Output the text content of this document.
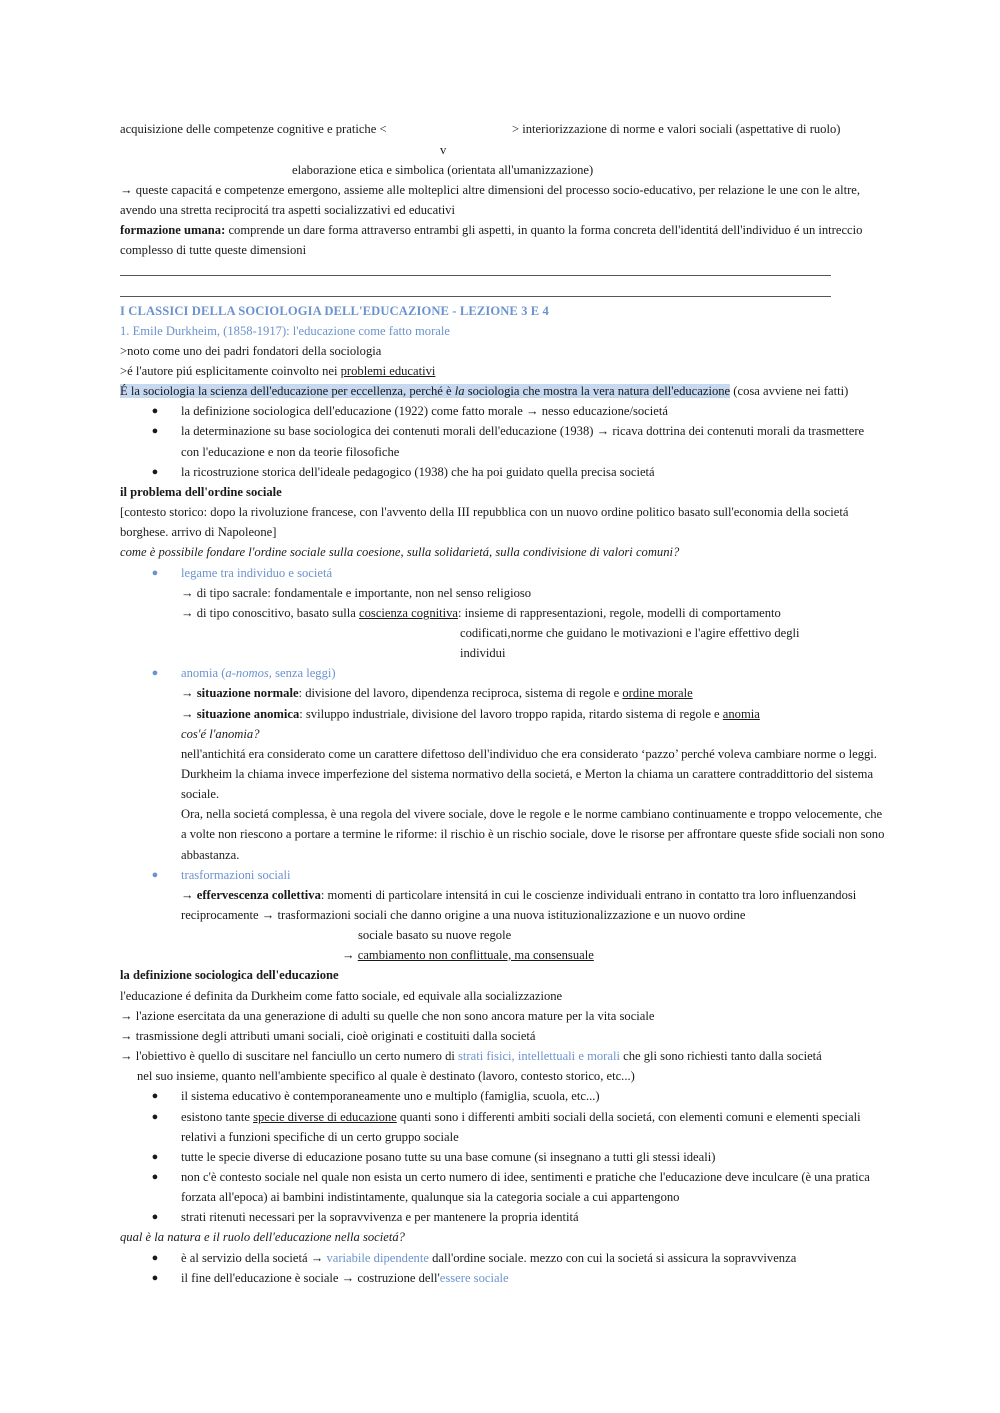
acquisizione delle competenze cognitive e pratiche <	> interiorizzazione di norme e valori sociali (aspettative di ruolo)
v
elaborazione etica e simbolica (orientata all'umanizzazione)
→ queste capacitá e competenze emergono, assieme alle molteplici altre dimensioni del processo socio-educativo, per relazione le une con le altre,
avendo una stretta reciprocitá tra aspetti socializzativi ed educativi
formazione umana: comprende un dare forma attraverso entrambi gli aspetti, in quanto la forma concreta dell'identitá dell'individuo é un intreccio
complesso di tutte queste dimensioni
I CLASSICI DELLA SOCIOLOGIA DELL'EDUCAZIONE - LEZIONE 3 E 4
1. Emile Durkheim, (1858-1917): l'educazione come fatto morale
>noto come uno dei padri fondatori della sociologia
>é l'autore piú esplicitamente coinvolto nei problemi educativi
É la sociologia la scienza dell'educazione per eccellenza, perché è la sociologia che mostra la vera natura dell'educazione (cosa avviene nei fatti)
● la definizione sociologica dell'educazione (1922) come fatto morale → nesso educazione/societá
● la determinazione su base sociologica dei contenuti morali dell'educazione (1938) → ricava dottrina dei contenuti morali da trasmettere
con l'educazione e non da teorie filosofiche
● la ricostruzione storica dell'ideale pedagogico (1938) che ha poi guidato quella precisa societá
il problema dell'ordine sociale
[contesto storico: dopo la rivoluzione francese, con l'avvento della III repubblica con un nuovo ordine politico basato sull'economia della societá
borghese. arrivo di Napoleone]
come è possibile fondare l'ordine sociale sulla coesione, sulla solidarietá, sulla condivisione di valori comuni?
● legame tra individuo e societá
→ di tipo sacrale: fondamentale e importante, non nel senso religioso
→ di tipo conoscitivo, basato sulla coscienza cognitiva: insieme di rappresentazioni, regole, modelli di comportamento
codificati,norme che guidano le motivazioni e l'agire effettivo degli
individui
● anomia (a-nomos, senza leggi)
→ situazione normale: divisione del lavoro, dipendenza reciproca, sistema di regole e ordine morale
→ situazione anomica: sviluppo industriale, divisione del lavoro troppo rapida, ritardo sistema di regole e anomia
cos'é l'anomia?
nell'antichitá era considerato come un carattere difettoso dell'individuo che era considerato ‘pazzo’ perché voleva cambiare norme o leggi.
Durkheim la chiama invece imperfezione del sistema normativo della societá, e Merton la chiama un carattere contraddittorio del sistema
sociale.
Ora, nella societá complessa, è una regola del vivere sociale, dove le regole e le norme cambiano continuamente e troppo velocemente, che
a volte non riescono a portare a termine le riforme: il rischio è un rischio sociale, dove le risorse per affrontare queste sfide sociali non sono
abbastanza.
● trasformazioni sociali
→ effervescenza collettiva: momenti di particolare intensitá in cui le coscienze individuali entrano in contatto tra loro influenzandosi
reciprocamente → trasformazioni sociali che danno origine a una nuova istituzionalizzazione e un nuovo ordine
sociale basato su nuove regole
→ cambiamento non conflittuale, ma consensuale
la definizione sociologica dell'educazione
l'educazione é definita da Durkheim come fatto sociale, ed equivale alla socializzazione
→ l'azione esercitata da una generazione di adulti su quelle che non sono ancora mature per la vita sociale
→ trasmissione degli attributi umani sociali, cioè originati e costituiti dalla societá
→ l'obiettivo è quello di suscitare nel fanciullo un certo numero di strati fisici, intellettuali e morali che gli sono richiesti tanto dalla societá
nel suo insieme, quanto nell'ambiente specifico al quale è destinato (lavoro, contesto storico, etc...)
● il sistema educativo è contemporaneamente uno e multiplo (famiglia, scuola, etc...)
● esistono tante specie diverse di educazione quanti sono i differenti ambiti sociali della societá, con elementi comuni e elementi speciali
relativi a funzioni specifiche di un certo gruppo sociale
● tutte le specie diverse di educazione posano tutte su una base comune (si insegnano a tutti gli stessi ideali)
● non c'è contesto sociale nel quale non esista un certo numero di idee, sentimenti e pratiche che l'educazione deve inculcare (è una pratica
forzata all'epoca) ai bambini indistintamente, qualunque sia la categoria sociale a cui appartengono
● strati ritenuti necessari per la sopravvivenza e per mantenere la propria identitá
qual è la natura e il ruolo dell'educazione nella societá?
● è al servizio della societá → variabile dipendente dall'ordine sociale. mezzo con cui la societá si assicura la sopravvivenza
● il fine dell'educazione è sociale → costruzione dell'essere sociale
